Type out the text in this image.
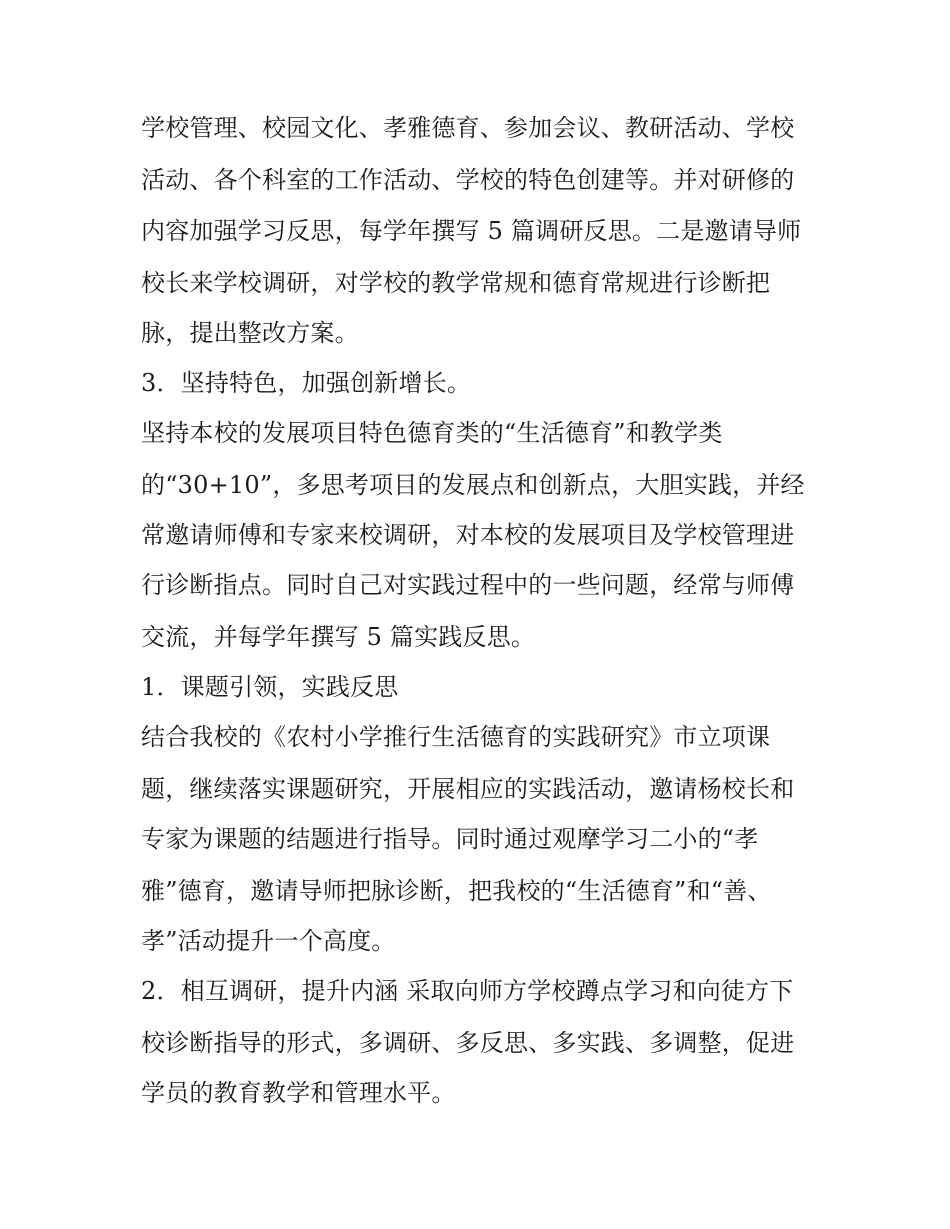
学校管理、校园文化、孝雅德育、参加会议、教研活动、学校
活动、各个科室的工作活动、学校的特色创建等。并对研修的
内容加强学习反思，每学年撰写 5 篇调研反思。二是邀请导师
校长来学校调研，对学校的教学常规和德育常规进行诊断把
脉，提出整改方案。
3．坚持特色，加强创新增长。
坚持本校的发展项目特色德育类的“生活德育”和教学类
的“30+10”，多思考项目的发展点和创新点，大胆实践，并经
常邀请师傅和专家来校调研，对本校的发展项目及学校管理进
行诊断指点。同时自己对实践过程中的一些问题，经常与师傅
交流，并每学年撰写 5 篇实践反思。
1．课题引领，实践反思
结合我校的《农村小学推行生活德育的实践研究》市立项课
题，继续落实课题研究，开展相应的实践活动，邀请杨校长和
专家为课题的结题进行指导。同时通过观摩学习二小的“孝
雅”德育，邀请导师把脉诊断，把我校的“生活德育”和“善、
孝”活动提升一个高度。
2．相互调研，提升内涵 采取向师方学校蹲点学习和向徒方下
校诊断指导的形式，多调研、多反思、多实践、多调整，促进
学员的教育教学和管理水平。
